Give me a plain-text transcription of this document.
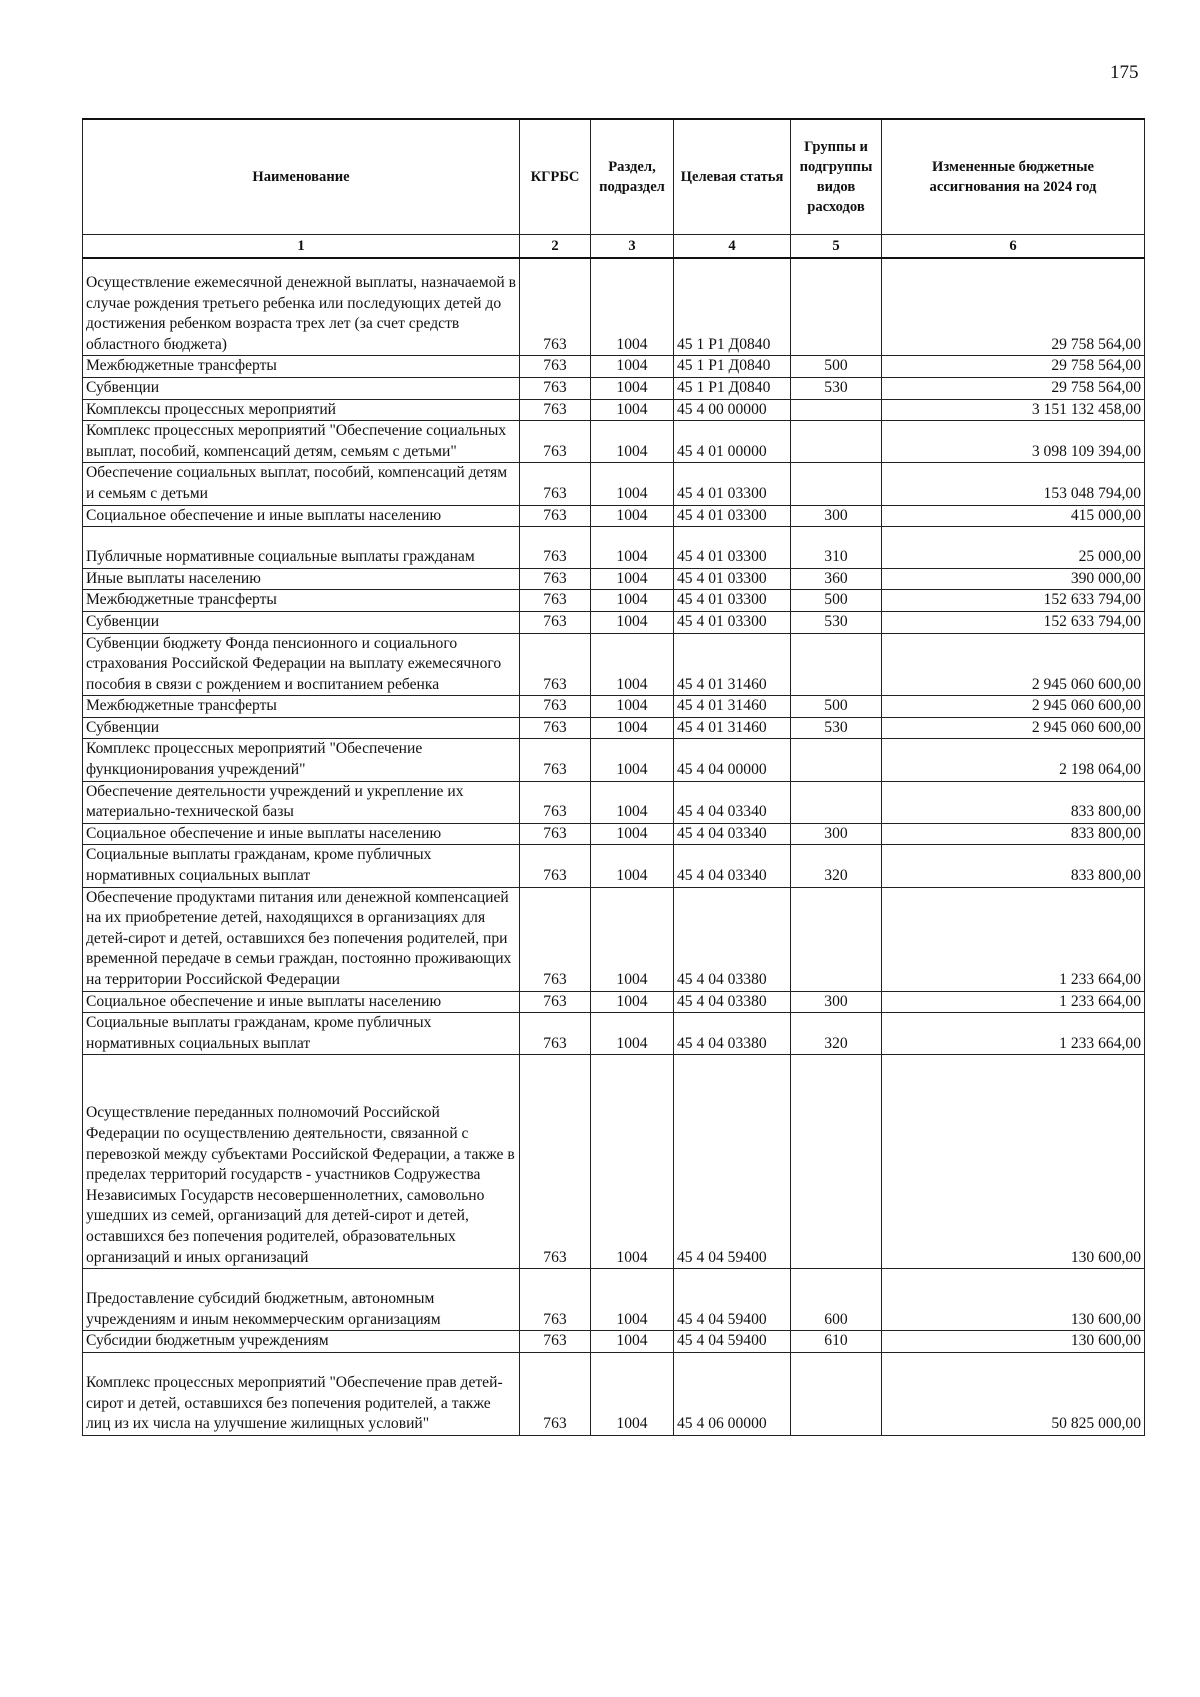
175
Наименование	КГРБС	Раздел, подраздел	Целевая статья	Группы и подгруппы видов расходов	Измененные бюджетные ассигнования на 2024 год
1	2	3	4	5	6
Осуществление ежемесячной денежной выплаты, назначаемой в случае рождения третьего ребенка или последующих детей до достижения ребенком возраста трех лет (за счет средств областного бюджета)	763	1004	45 1 P1 Д0840		29 758 564,00
Межбюджетные трансферты	763	1004	45 1 P1 Д0840	500	29 758 564,00
Субвенции	763	1004	45 1 P1 Д0840	530	29 758 564,00
Комплексы процессных мероприятий	763	1004	45 4 00 00000		3 151 132 458,00
Комплекс процессных мероприятий "Обеспечение социальных выплат, пособий, компенсаций детям, семьям с детьми"	763	1004	45 4 01 00000		3 098 109 394,00
Обеспечение социальных выплат, пособий, компенсаций детям и семьям с детьми	763	1004	45 4 01 03300		153 048 794,00
Социальное обеспечение и иные выплаты населению	763	1004	45 4 01 03300	300	415 000,00
Публичные нормативные социальные выплаты гражданам	763	1004	45 4 01 03300	310	25 000,00
Иные выплаты населению	763	1004	45 4 01 03300	360	390 000,00
Межбюджетные трансферты	763	1004	45 4 01 03300	500	152 633 794,00
Субвенции	763	1004	45 4 01 03300	530	152 633 794,00
Субвенции бюджету Фонда пенсионного и социального страхования Российской Федерации на выплату ежемесячного пособия в связи с рождением и воспитанием ребенка	763	1004	45 4 01 31460		2 945 060 600,00
Межбюджетные трансферты	763	1004	45 4 01 31460	500	2 945 060 600,00
Субвенции	763	1004	45 4 01 31460	530	2 945 060 600,00
Комплекс процессных мероприятий "Обеспечение функционирования учреждений"	763	1004	45 4 04 00000		2 198 064,00
Обеспечение деятельности учреждений и укрепление их материально-технической базы	763	1004	45 4 04 03340		833 800,00
Социальное обеспечение и иные выплаты населению	763	1004	45 4 04 03340	300	833 800,00
Социальные выплаты гражданам, кроме публичных нормативных социальных выплат	763	1004	45 4 04 03340	320	833 800,00
Обеспечение продуктами питания или денежной компенсацией на их приобретение детей, находящихся в организациях для детей-сирот и детей, оставшихся без попечения родителей, при временной передаче в семьи граждан, постоянно проживающих на территории Российской Федерации	763	1004	45 4 04 03380		1 233 664,00
Социальное обеспечение и иные выплаты населению	763	1004	45 4 04 03380	300	1 233 664,00
Социальные выплаты гражданам, кроме публичных нормативных социальных выплат	763	1004	45 4 04 03380	320	1 233 664,00
Осуществление переданных полномочий Российской Федерации по осуществлению деятельности, связанной с перевозкой между субъектами Российской Федерации, а также в пределах территорий государств - участников Содружества Независимых Государств несовершеннолетних, самовольно ушедших из семей, организаций для детей-сирот и детей, оставшихся без попечения родителей, образовательных организаций и иных организаций	763	1004	45 4 04 59400		130 600,00
Предоставление субсидий бюджетным, автономным учреждениям и иным некоммерческим организациям	763	1004	45 4 04 59400	600	130 600,00
Субсидии бюджетным учреждениям	763	1004	45 4 04 59400	610	130 600,00
Комплекс процессных мероприятий "Обеспечение прав детей-сирот и детей, оставшихся без попечения родителей, а также лиц из их числа на улучшение жилищных условий"	763	1004	45 4 06 00000		50 825 000,00
